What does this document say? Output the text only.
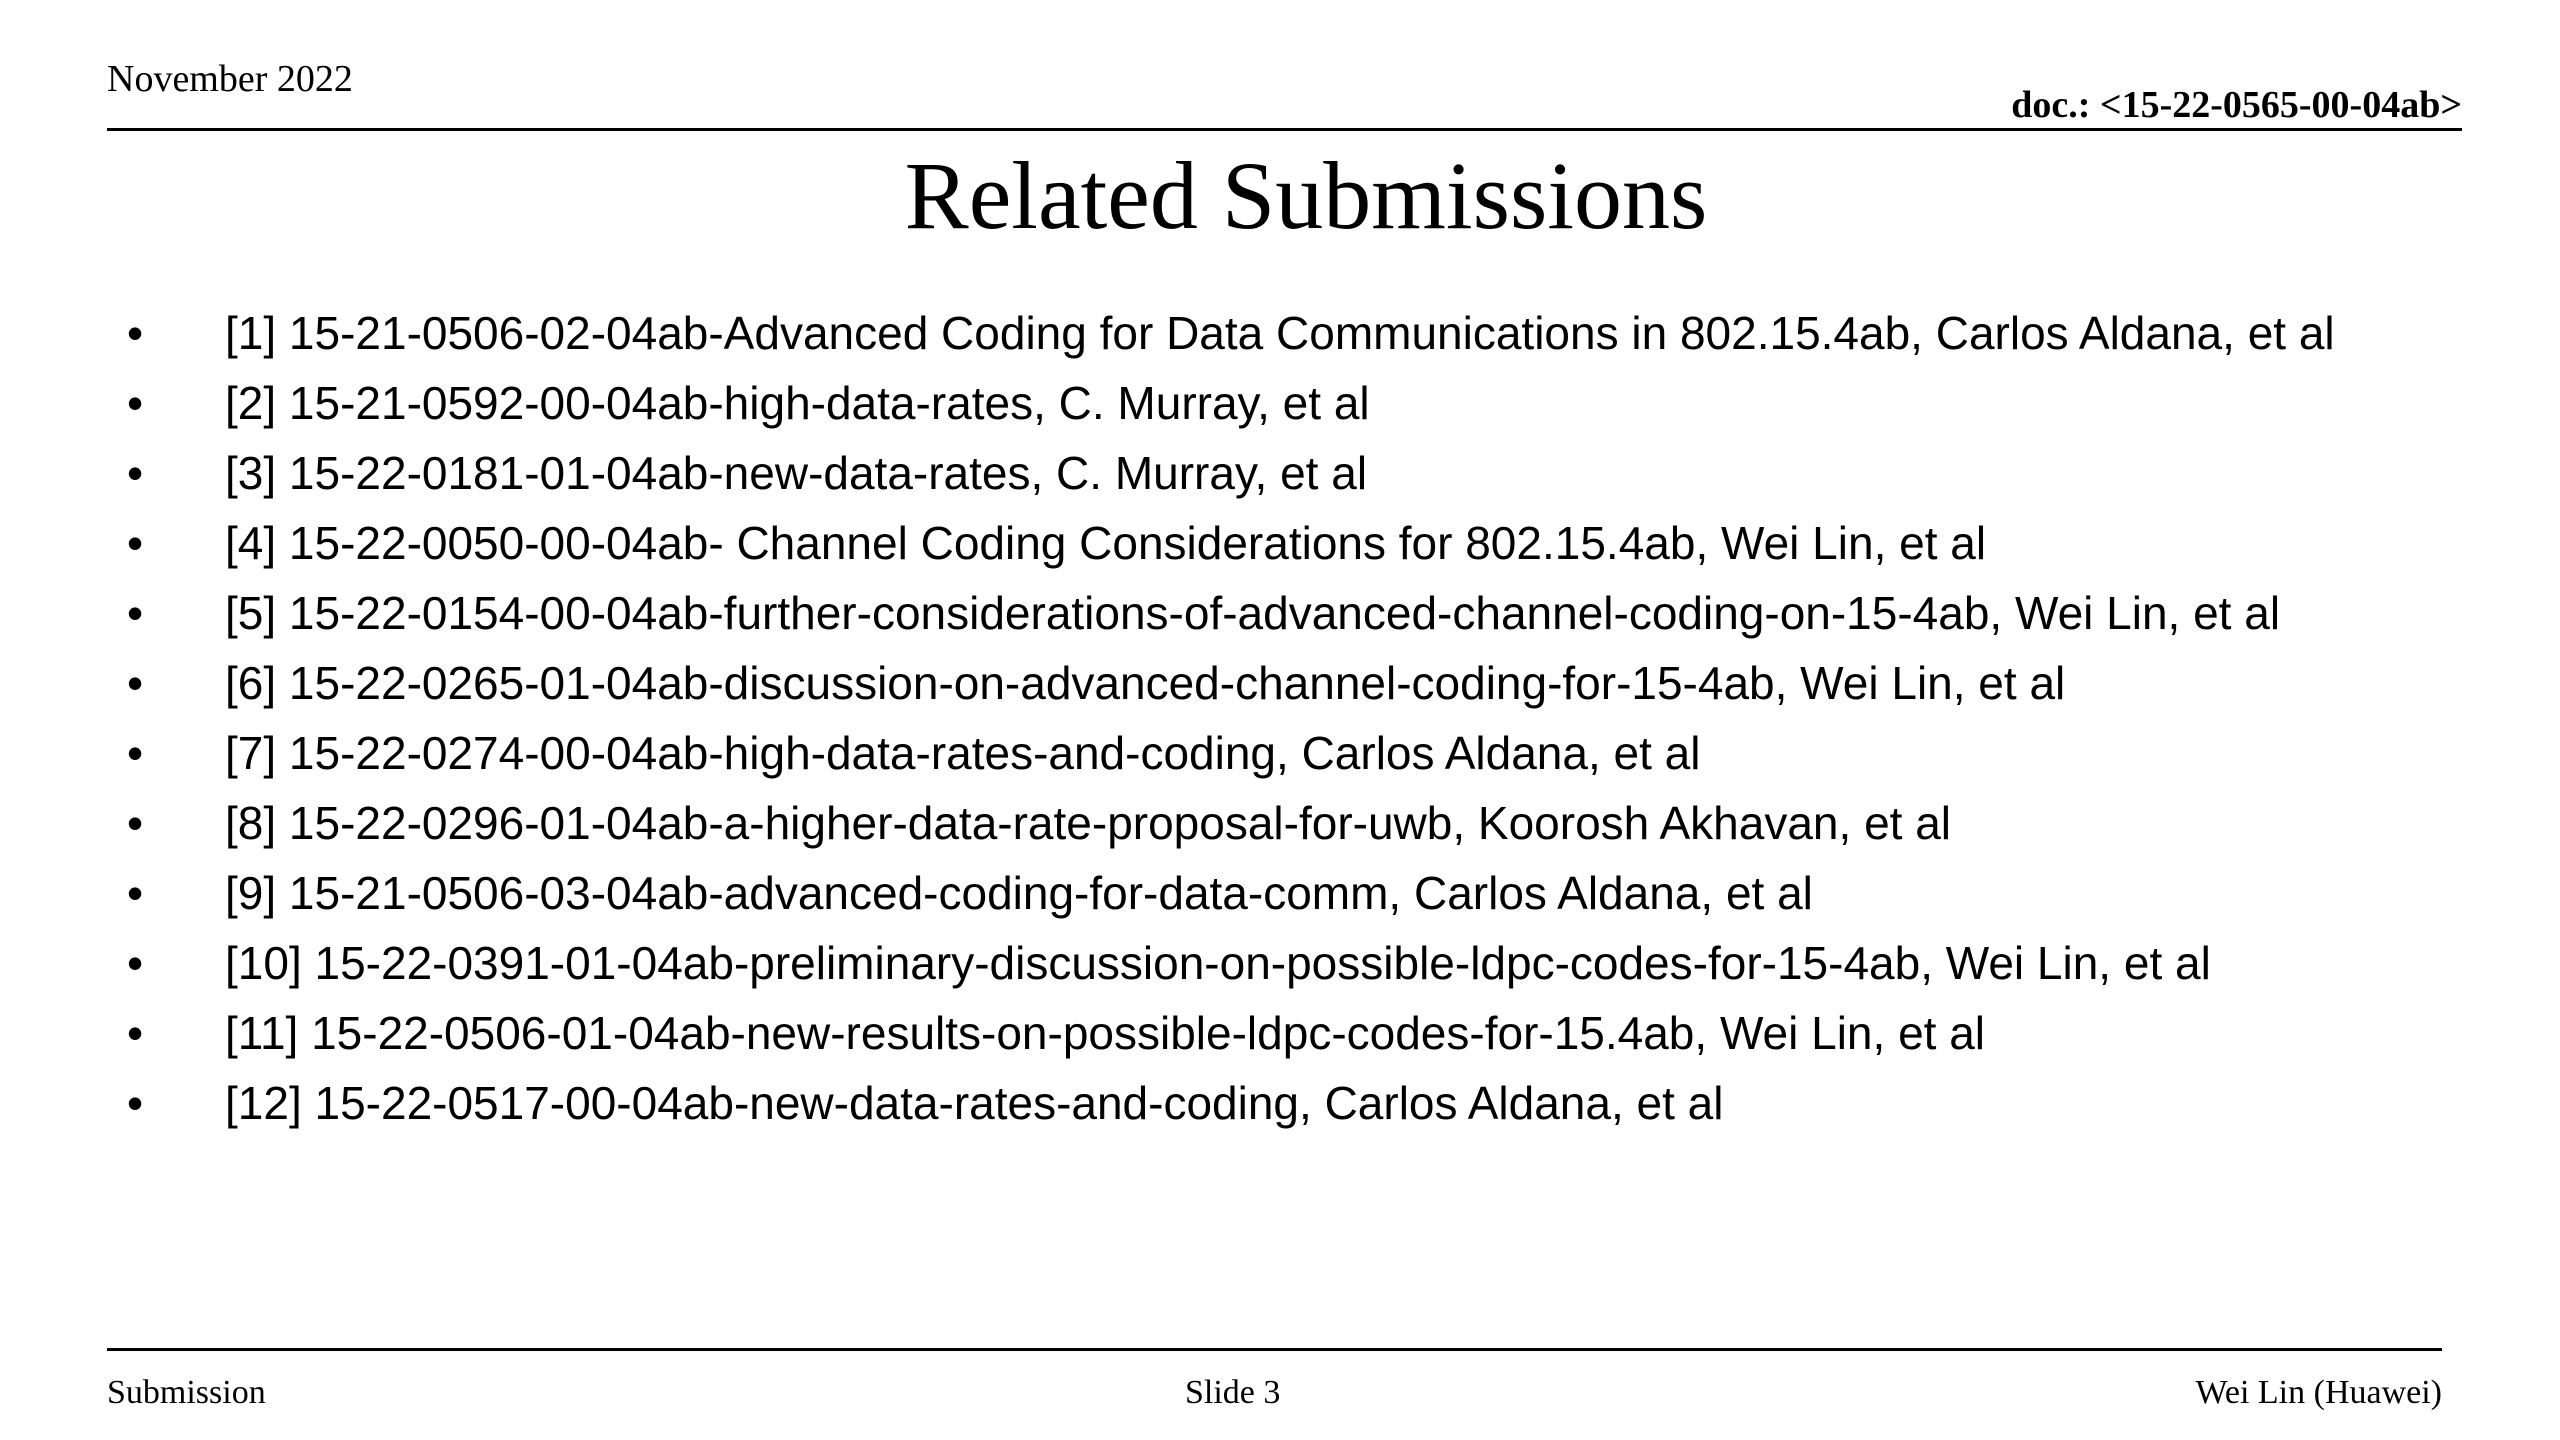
November 2022
doc.: <15-22-0565-00-04ab>
Related Submissions
• [1] 15-21-0506-02-04ab-Advanced Coding for Data Communications in 802.15.4ab, Carlos Aldana, et al
• [2] 15-21-0592-00-04ab-high-data-rates, C. Murray, et al
• [3] 15-22-0181-01-04ab-new-data-rates, C. Murray, et al
• [4] 15-22-0050-00-04ab- Channel Coding Considerations for 802.15.4ab, Wei Lin, et al
• [5] 15-22-0154-00-04ab-further-considerations-of-advanced-channel-coding-on-15-4ab, Wei Lin, et al
• [6] 15-22-0265-01-04ab-discussion-on-advanced-channel-coding-for-15-4ab, Wei Lin, et al
• [7] 15-22-0274-00-04ab-high-data-rates-and-coding, Carlos Aldana, et al
• [8] 15-22-0296-01-04ab-a-higher-data-rate-proposal-for-uwb, Koorosh Akhavan, et al
• [9] 15-21-0506-03-04ab-advanced-coding-for-data-comm, Carlos Aldana, et al
• [10] 15-22-0391-01-04ab-preliminary-discussion-on-possible-ldpc-codes-for-15-4ab, Wei Lin, et al
• [11] 15-22-0506-01-04ab-new-results-on-possible-ldpc-codes-for-15.4ab, Wei Lin, et al
• [12] 15-22-0517-00-04ab-new-data-rates-and-coding, Carlos Aldana, et al
Submission	Slide 3	Wei Lin (Huawei)
